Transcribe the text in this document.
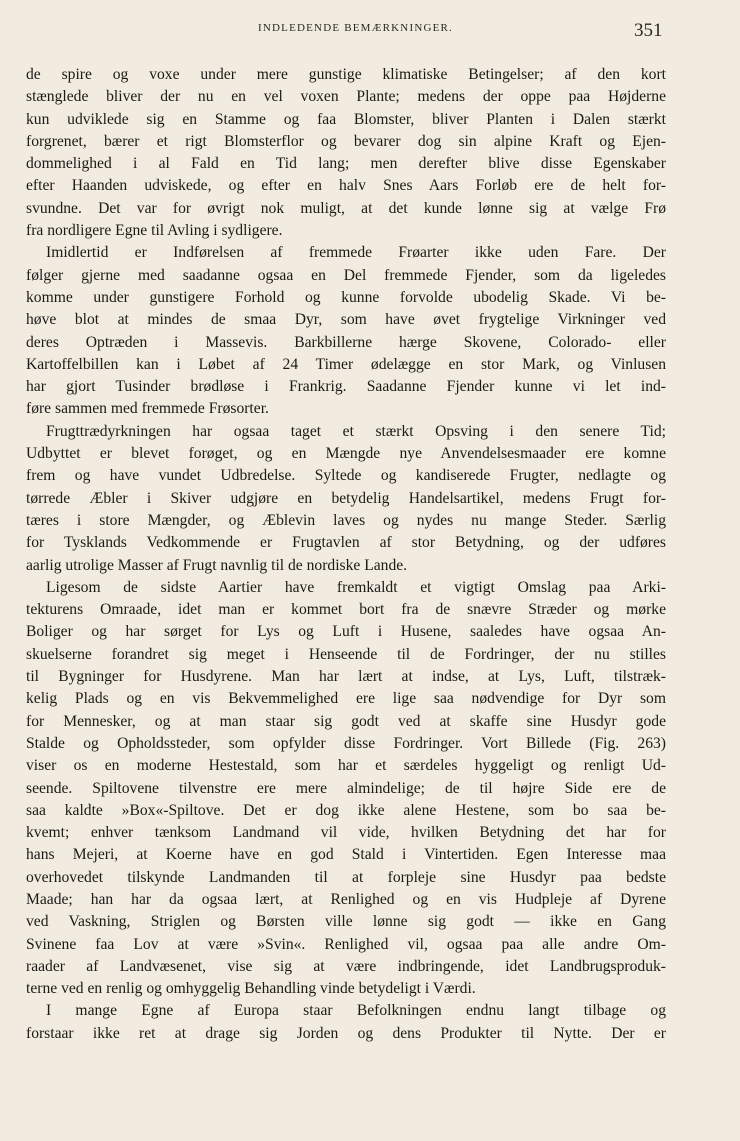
INDLEDENDE BEMÆRKNINGER.	351
de spire og voxe under mere gunstige klimatiske Betingelser; af den kort
stænglede bliver der nu en vel voxen Plante; medens der oppe paa Højderne
kun udviklede sig en Stamme og faa Blomster, bliver Planten i Dalen stærkt
forgrenet, bærer et rigt Blomsterflor og bevarer dog sin alpine Kraft og Ejen-
dommelighed i al Fald en Tid lang; men derefter blive disse Egenskaber
efter Haanden udviskede, og efter en halv Snes Aars Forløb ere de helt for-
svundne. Det var for øvrigt nok muligt, at det kunde lønne sig at vælge Frø
fra nordligere Egne til Avling i sydligere.
Imidlertid er Indførelsen af fremmede Frøarter ikke uden Fare. Der
følger gjerne med saadanne ogsaa en Del fremmede Fjender, som da ligeledes
komme under gunstigere Forhold og kunne forvolde ubodelig Skade. Vi be-
høve blot at mindes de smaa Dyr, som have øvet frygtelige Virkninger ved
deres Optræden i Massevis. Barkbillerne hærge Skovene, Colorado- eller
Kartoffelbillen kan i Løbet af 24 Timer ødelægge en stor Mark, og Vinlusen
har gjort Tusinder brødløse i Frankrig. Saadanne Fjender kunne vi let ind-
føre sammen med fremmede Frøsorter.
Frugttrædyrkningen har ogsaa taget et stærkt Opsving i den senere Tid;
Udbyttet er blevet forøget, og en Mængde nye Anvendelsesmaader ere komne
frem og have vundet Udbredelse. Syltede og kandiserede Frugter, nedlagte og
tørrede Æbler i Skiver udgjøre en betydelig Handelsartikel, medens Frugt for-
tæres i store Mængder, og Æblevin laves og nydes nu mange Steder. Særlig
for Tysklands Vedkommende er Frugtavlen af stor Betydning, og der udføres
aarlig utrolige Masser af Frugt navnlig til de nordiske Lande.
Ligesom de sidste Aartier have fremkaldt et vigtigt Omslag paa Arki-
tekturens Omraade, idet man er kommet bort fra de snævre Stræder og mørke
Boliger og har sørget for Lys og Luft i Husene, saaledes have ogsaa An-
skuelserne forandret sig meget i Henseende til de Fordringer, der nu stilles
til Bygninger for Husdyrene. Man har lært at indse, at Lys, Luft, tilstræk-
kelig Plads og en vis Bekvemmelighed ere lige saa nødvendige for Dyr som
for Mennesker, og at man staar sig godt ved at skaffe sine Husdyr gode
Stalde og Opholdssteder, som opfylder disse Fordringer. Vort Billede (Fig. 263)
viser os en moderne Hestestald, som har et særdeles hyggeligt og renligt Ud-
seende. Spiltovene tilvenstre ere mere almindelige; de til højre Side ere de
saa kaldte »Box«-Spiltove. Det er dog ikke alene Hestene, som bo saa be-
kvemt; enhver tænksom Landmand vil vide, hvilken Betydning det har for
hans Mejeri, at Koerne have en god Stald i Vintertiden. Egen Interesse maa
overhovedet tilskynde Landmanden til at forpleje sine Husdyr paa bedste
Maade; han har da ogsaa lært, at Renlighed og en vis Hudpleje af Dyrene
ved Vaskning, Striglen og Børsten ville lønne sig godt — ikke en Gang
Svinene faa Lov at være »Svin«. Renlighed vil, ogsaa paa alle andre Om-
raader af Landvæsenet, vise sig at være indbringende, idet Landbrugsproduk-
terne ved en renlig og omhyggelig Behandling vinde betydeligt i Værdi.
I mange Egne af Europa staar Befolkningen endnu langt tilbage og
forstaar ikke ret at drage sig Jorden og dens Produkter til Nytte. Der er
